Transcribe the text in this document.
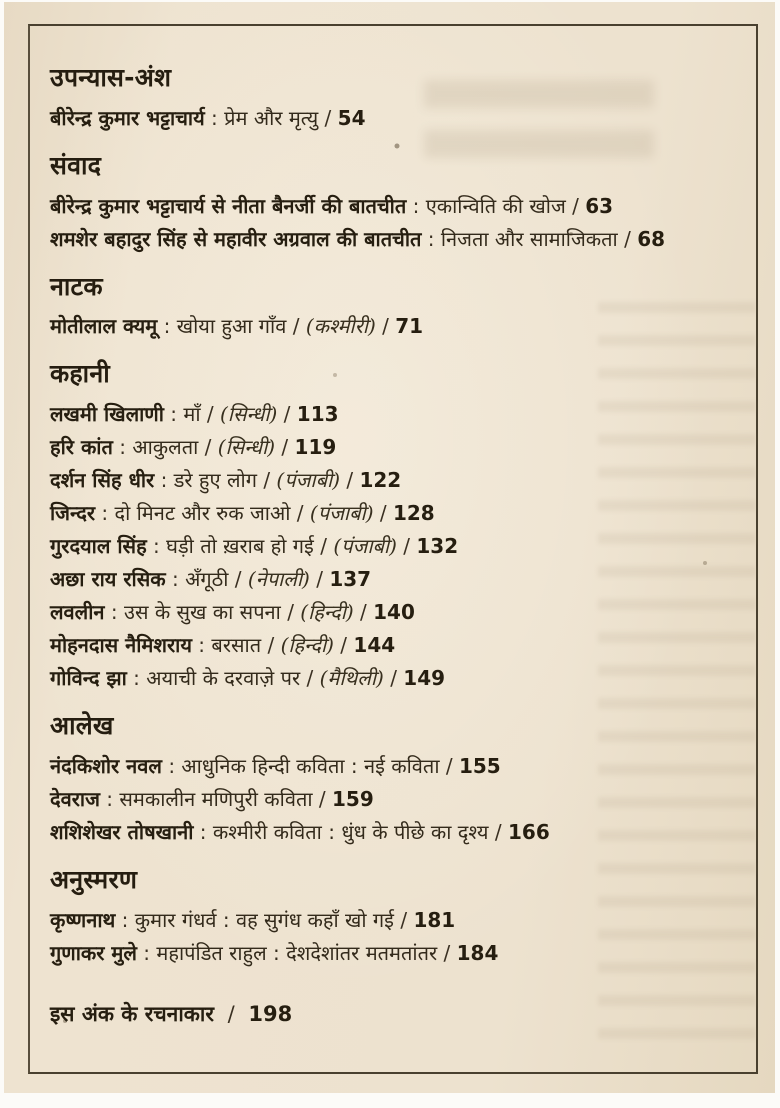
उपन्यास-अंश
बीरेन्द्र कुमार भट्टाचार्य : प्रेम और मृत्यु / 54
संवाद
बीरेन्द्र कुमार भट्टाचार्य से नीता बैनर्जी की बातचीत : एकान्विति की खोज / 63
शमशेर बहादुर सिंह से महावीर अग्रवाल की बातचीत : निजता और सामाजिकता / 68
नाटक
मोतीलाल क्यमू : खोया हुआ गाँव / (कश्मीरी) / 71
कहानी
लखमी खिलाणी : माँ / (सिन्धी) / 113
हरि कांत : आकुलता / (सिन्धी) / 119
दर्शन सिंह धीर : डरे हुए लोग / (पंजाबी) / 122
जिन्दर : दो मिनट और रुक जाओ / (पंजाबी) / 128
गुरदयाल सिंह : घड़ी तो ख़राब हो गई / (पंजाबी) / 132
अछा राय रसिक : अँगूठी / (नेपाली) / 137
लवलीन : उस के सुख का सपना / (हिन्दी) / 140
मोहनदास नैमिशराय : बरसात / (हिन्दी) / 144
गोविन्द झा : अयाची के दरवाज़े पर / (मैथिली) / 149
आलेख
नंदकिशोर नवल : आधुनिक हिन्दी कविता : नई कविता / 155
देवराज : समकालीन मणिपुरी कविता / 159
शशिशेखर तोषखानी : कश्मीरी कविता : धुंध के पीछे का दृश्य / 166
अनुस्मरण
कृष्णनाथ : कुमार गंधर्व : वह सुगंध कहाँ खो गई / 181
गुणाकर मुले : महापंडित राहुल : देशदेशांतर मतमतांतर / 184
इस अंक के रचनाकार / 198
